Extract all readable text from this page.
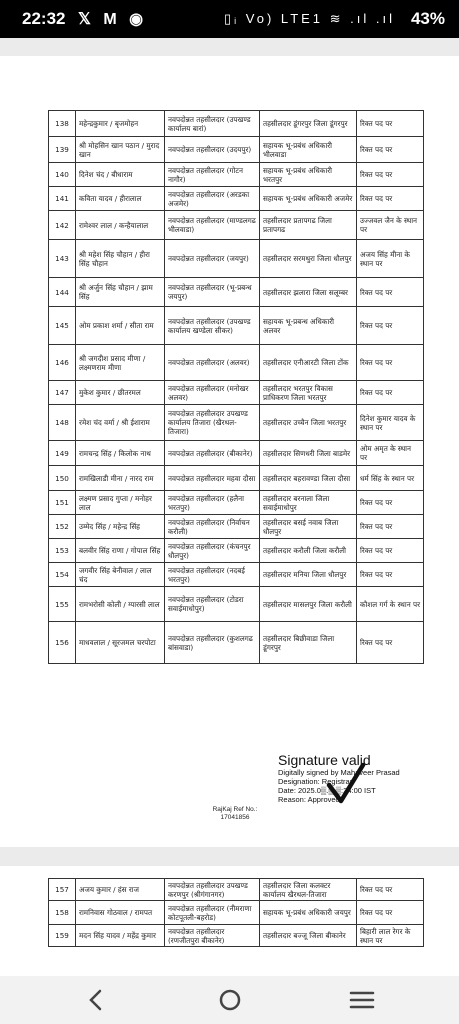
22:32 𝕏 M ◉	▯ᵢ Vo) LTE1 ≋ .ıl .ıl 43%
138	महेन्द्रकुमार / बृजमोहन	नवपदोन्नत तहसीलदार (उपखण्ड कार्यालय बारां)	तहसीलदार डूंगरपुर जिला डूंगरपुर	रिक्त पद पर
139	श्री मोहसिन खान पठान / मुराद खान	नवपदोन्नत तहसीलदार (उदयपुर)	सहायक भू-प्रबंध अधिकारी भीलवाडा	रिक्त पद पर
140	दिनेश चंद / बीधाराम	नवपदोन्नत तहसीलदार (गोटन नागौर)	सहायक भू-प्रबंध अधिकारी भरतपुर	रिक्त पद पर
141	कविता यादव / हीरालाल	नवपदोन्नत तहसीलदार (अरडका अजमेर)	सहायक भू-प्रबंध अधिकारी अजमेर	रिक्त पद पर
142	रामेश्वर लाल / कन्हैयालाल	नवपदोन्नत तहसीलदार (माण्डलगढ भीलवाडा)	तहसीलदार प्रतापगढ जिला प्रतापगढ	उज्जवल जैन के स्थान पर
143	श्री महेश सिंह चौहान / हीरा सिंह चौहान	नवपदोन्नत तहसीलदार (जयपुर)	तहसीलदार सरमथुरा जिला धौलपुर	अजय सिंह मीना के स्थान पर
144	श्री अर्जुन सिंह चौहान / झाम सिंह	नवपदोन्नत तहसीलदार (भू-प्रबन्ध जयपुर)	तहसीलदार झलारा जिला सलूम्बर	रिक्त पद पर
145	ओम प्रकाश शर्मा / सीता राम	नवपदोन्नत तहसीलदार (उपखण्ड कार्यालय खण्डेला सीकर)	सहायक भू-प्रबन्ध अधिकारी अलवर	रिक्त पद पर
146	श्री जगदीश प्रसाद मीणा / लक्ष्मणराम मीणा	नवपदोन्नत तहसीलदार (अलवर)	तहसीलदार एनीआरटी जिला टोंक	रिक्त पद पर
147	मुकेश कुमार / छीतरमल	नवपदोन्नत तहसीलदार (मनोखर अलवर)	तहसीलदार भरतपुर विकास प्राधिकरण जिला भरतपुर	रिक्त पद पर
148	रमेश चंद वर्मा / श्री ईशाराम	नवपदोन्नत तहसीलदार उपखण्ड कार्यालय तिजारा (खैरथल-तिजारा)	तहसीलदार उच्चैन जिला भरतपुर	दिनेश कुमार यादव के स्थान पर
149	रामचन्द्र सिंह / किलोक नाथ	नवपदोन्नत तहसीलदार (बीकानेर)	तहसीलदार सिणधरी जिला बाडमेर	ओम अमृत के स्थान पर
150	रामखिलाडी मीना / नारद राम	नवपदोन्नत तहसीलदार महवा दौसा	तहसीलदार बहरावण्डा जिला दौसा	धर्म सिंह के स्थान पर
151	लक्ष्मण प्रसाद गुप्ता / मनोहर लाल	नवपदोन्नत तहसीलदार (हलैना भरतपुर)	तहसीलदार बरनाला जिला सवाईमाधोपुर	रिक्त पद पर
152	उम्मेद सिंह / महेन्द्र सिंह	नवपदोन्नत तहसीलदार (निर्वाचन करौली)	तहसीलदार बसई नवाब जिला धौलपुर	रिक्त पद पर
153	बलवीर सिंह राणा / गोपाल सिंह	नवपदोन्नत तहसीलदार (कंचनपुर धौलपुर)	तहसीलदार करौली जिला करौली	रिक्त पद पर
154	जगवीर सिंह बेनीवाल / लाल चंद	नवपदोन्नत तहसीलदार (नदबई भरतपुर)	तहसीलदार मनिया जिला धौलपुर	रिक्त पद पर
155	रामभरोसी कोली / ग्यारसी लाल	नवपदोन्नत तहसीलदार (टोडरा सवाईमाधोपुर)	तहसीलदार मासलपुर जिला करौली	कौशल गर्ग के स्थान पर
156	माधवलाल / सूरजमल चरपोटा	नवपदोन्नत तहसीलदार (कुशलगढ बांसवाडा)	तहसीलदार बिछीवाडा जिला डूंगरपुर	रिक्त पद पर
Signature valid
Digitally signed by Mahaveer Prasad
Designation: Registrar
Date: 2025.0▒.▒ ▒:24:00 IST
Reason: Approved
RajKaj Ref No.:
17041856
157	अजय कुमार / हंस राज	नवपदोन्नत तहसीलदार उपखण्ड करणपुर (श्रीगंगानगर)	तहसीलदार जिला कलक्टर कार्यालय खैरथल-तिजारा	रिक्त पद पर
158	रामनिवास गोठवाल / रामपत	नवपदोन्नत तहसीलदार (नीमराणा कोटपूतली-बहरोड)	सहायक भू-प्रबंध अधिकारी जयपुर	रिक्त पद पर
159	मदन सिंह यादव / महेंद्र कुमार	नवपदोन्नत तहसीलदार (रणजीतपुरा बीकानेर)	तहसीलदार बज्जू जिला बीकानेर	बिहारी लाल रेगर के स्थान पर
